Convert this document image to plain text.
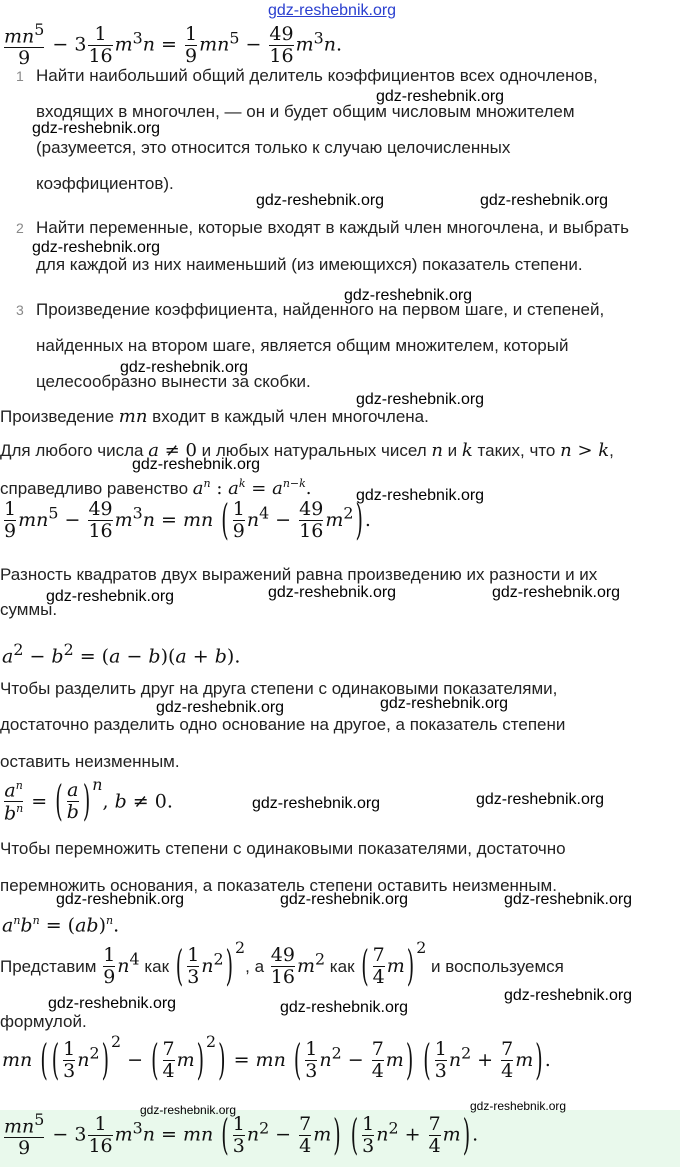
gdz-reshebnik.org
$\frac{mn^5}{9} - 3 \frac{1}{16} m^3n = \frac{1}{9} mn^5 - \frac{49}{16} m^3n$.
1 Найти наибольший общий делитель коэффициентов всех одночленов,
входящих в многочлен, — он и будет общим числовым множителем
(разумеется, это относится только к случаю целочисленных
коэффициентов).
2 Найти переменные, которые входят в каждый член многочлена, и выбрать
для каждой из них наименьший (из имеющихся) показатель степени.
3 Произведение коэффициента, найденного на первом шаге, и степеней,
найденных на втором шаге, является общим множителем, который
целесообразно вынести за скобки.
Произведение mn входит в каждый член многочлена.
Для любого числа a ≠ 0 и любых натуральных чисел n и k таких, что n > k,
справедливо равенство $a^n$ : $a^k = a^{n-k}$.
$\frac{1}{9} mn^5 - \frac{49}{16} m^3n$ = mn ( $\frac{1}{9} n^4 - \frac{49}{16} m^2$ ) .
Разность квадратов двух выражений равна произведению их разности и их
суммы.
$a^2 - b^2 = (a - b)(a + b)$.
Чтобы разделить друг на друга степени с одинаковыми показателями,
достаточно разделить одно основание на другое, а показатель степени
оставить неизменным.
$\frac{a^n}{b^n}$ = ( $\frac{a}{b}$ ) $^n$, b ≠ 0.
Чтобы перемножить степени с одинаковыми показателями, достаточно
перемножить основания, а показатель степени оставить неизменным.
$a^nb^n = (ab)^n$.
Представим $\frac{1}{9} n^4$ как ( $\frac{1}{3} n^2$ ) $^2$, а $\frac{49}{16} m^2$ как ( $\frac{7}{4}$ m ) $^2$ и воспользуемся
формулой.
mn ( ( $\frac{1}{3} n^2$ ) $^2$ − ( $\frac{7}{4}$ m ) $^2$ ) = mn ( $\frac{1}{3} n^2 - \frac{7}{4}$ m ) ( $\frac{1}{3} n^2 + \frac{7}{4}$ m ) .
$\frac{mn^5}{9} - 3 \frac{1}{16} m^3n$ = mn ( $\frac{1}{3} n^2 - \frac{7}{4}$ m ) ( $\frac{1}{3} n^2 + \frac{7}{4}$ m ) .
gdz-reshebnik.org
gdz-reshebnik.org
gdz-reshebnik.org	gdz-reshebnik.org
gdz-reshebnik.org
gdz-reshebnik.org
gdz-reshebnik.org
gdz-reshebnik.org
gdz-reshebnik.org
gdz-reshebnik.org
gdz-reshebnik.org	gdz-reshebnik.org	gdz-reshebnik.org
gdz-reshebnik.org	gdz-reshebnik.org
gdz-reshebnik.org	gdz-reshebnik.org
gdz-reshebnik.org	gdz-reshebnik.org	gdz-reshebnik.org
gdz-reshebnik.org	gdz-reshebnik.org
gdz-reshebnik.org
gdz-reshebnik.org	gdz-reshebnik.org
